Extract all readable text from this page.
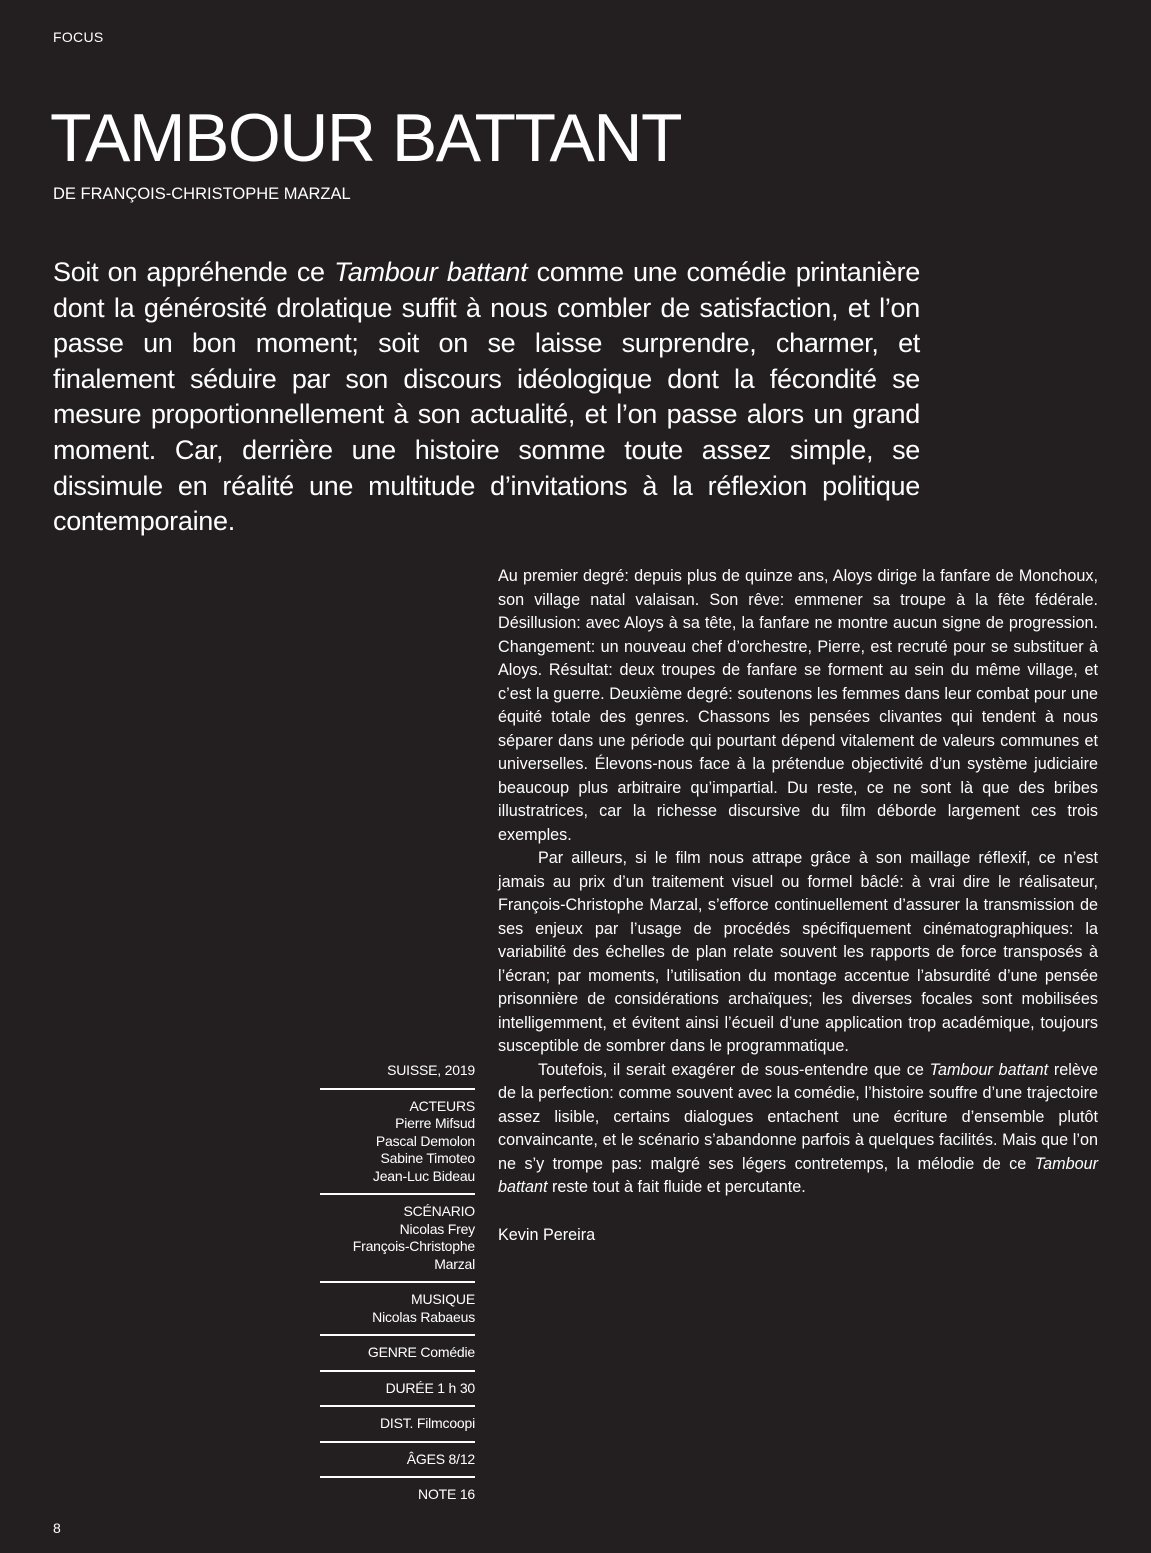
FOCUS
TAMBOUR BATTANT
DE FRANÇOIS-CHRISTOPHE MARZAL

Soit on appréhende ce Tambour battant comme une comédie printanière dont la générosité drolatique suffit à nous combler de satisfaction, et l’on passe un bon moment; soit on se laisse surprendre, charmer, et finalement séduire par son discours idéologique dont la fécondité se mesure proportionnellement à son actualité, et l’on passe alors un grand moment. Car, derrière une histoire somme toute assez simple, se dissimule en réalité une multitude d’invitations à la réflexion politique contemporaine.

SUISSE, 2019
ACTEURS
Pierre Mifsud
Pascal Demolon
Sabine Timoteo
Jean-Luc Bideau
SCÉNARIO
Nicolas Frey
François-Christophe
Marzal
MUSIQUE
Nicolas Rabaeus
GENRE Comédie
DURÉE 1 h 30
DIST. Filmcoopi
ÂGES 8/12
NOTE 16

Au premier degré: depuis plus de quinze ans, Aloys dirige la fanfare de Monchoux, son village natal valaisan. Son rêve: emmener sa troupe à la fête fédérale. Désillusion: avec Aloys à sa tête, la fanfare ne montre aucun signe de progression. Changement: un nouveau chef d’orchestre, Pierre, est recruté pour se substituer à Aloys. Résultat: deux troupes de fanfare se forment au sein du même village, et c’est la guerre. Deuxième degré: soutenons les femmes dans leur combat pour une équité totale des genres. Chassons les pensées clivantes qui tendent à nous séparer dans une période qui pourtant dépend vitalement de valeurs communes et universelles. Élevons-nous face à la prétendue objectivité d’un système judiciaire beaucoup plus arbitraire qu’impartial. Du reste, ce ne sont là que des bribes illustratrices, car la richesse discursive du film déborde largement ces trois exemples.

Par ailleurs, si le film nous attrape grâce à son maillage réflexif, ce n’est jamais au prix d’un traitement visuel ou formel bâclé: à vrai dire le réalisateur, François-Christophe Marzal, s’efforce continuellement d’assurer la transmission de ses enjeux par l’usage de procédés spécifiquement cinématographiques: la variabilité des échelles de plan relate souvent les rapports de force transposés à l’écran; par moments, l’utilisation du montage accentue l’absurdité d’une pensée prisonnière de considérations archaïques; les diverses focales sont mobilisées intelligemment, et évitent ainsi l’écueil d’une application trop académique, toujours susceptible de sombrer dans le programmatique.

Toutefois, il serait exagérer de sous-entendre que ce Tambour battant relève de la perfection: comme souvent avec la comédie, l’histoire souffre d’une trajectoire assez lisible, certains dialogues entachent une écriture d’ensemble plutôt convaincante, et le scénario s’abandonne parfois à quelques facilités. Mais que l’on ne s’y trompe pas: malgré ses légers contretemps, la mélodie de ce Tambour battant reste tout à fait fluide et percutante.

Kevin Pereira

8
